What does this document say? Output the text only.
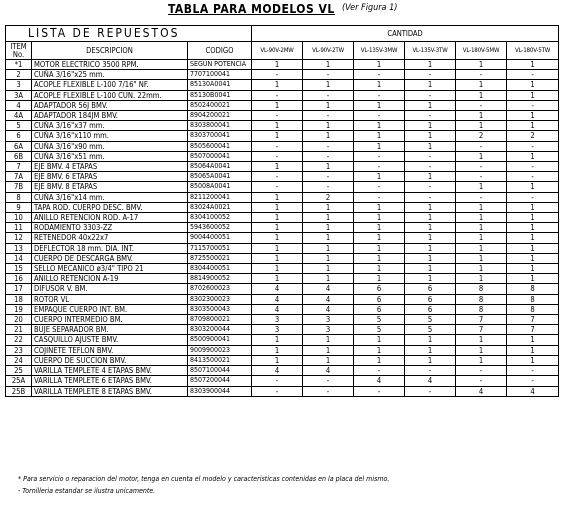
TABLA PARA MODELOS VL (Ver Figura 1)
LISTA DE REPUESTOS			CANTIDAD					
ITEM
No.	DESCRIPCION	CODIGO	VL-90V-2MW	VL-90V-2TW	VL-135V-3MW	VL-135V-3TW	VL-180V-5MW	VL-180V-5TW
*1	MOTOR ELECTRICO 3500 RPM.	SEGUN POTENCIA	1	1	1	1	1	1
2	CUÑA 3/16"x25 mm.	7707100041	-	-	-	-	-	-
3	ACOPLE FLEXIBLE L-100 7/16" NF.	85130A0041	1	1	1	1	1	1
3A	ACOPLE FLEXIBLE L-100 CUN. 22mm.	85130B0041	-	-	-	-	1	1
4	ADAPTADOR 56J BMV.	8502400021	1	1	1	1	-	-
4A	ADAPTADOR 184JM BMV.	8904200021	-	-	-	-	1	1
5	CUÑA 3/16"x37 mm.	8303800041	1	1	1	1	1	1
6	CUÑA 3/16"x110 mm.	8303700041	1	1	1	1	2	2
6A	CUÑA 3/16"x90 mm.	8505600041	-	-	1	1	-	-
6B	CUÑA 3/16"x51 mm.	8507000041	-	-	-	-	1	1
7	EJE BMV. 4 ETAPAS	85064A0041	1	1	-	-	-	-
7A	EJE BMV. 6 ETAPAS	85065A0041	-	-	1	1	-	-
7B	EJE BMV. 8 ETAPAS	85008A0041	-	-	-	-	1	1
8	CUÑA 3/16"x14 mm.	8211200041	1	2	-	-	-	-
9	TAPA ROD. CUERPO DESC. BMV.	83024A0021	1	1	1	1	1	1
10	ANILLO RETENCION ROD. A-17	8304100052	1	1	1	1	1	1
11	RODAMIENTO 3303-ZZ	5943600052	1	1	1	1	1	1
12	RETENEDOR 40x22x7	9004400051	1	1	1	1	1	1
13	DEFLECTOR 18 mm. DIA. INT.	7115700051	1	1	1	1	1	1
14	CUERPO DE DESCARGA BMV.	8725500021	1	1	1	1	1	1
15	SELLO MECANICO ø3/4" TIPO 21	8304400051	1	1	1	1	1	1
16	ANILLO RETENCION A-19	8814900052	1	1	1	1	1	1
17	DIFUSOR V. BM.	8702600023	4	4	6	6	8	8
18	ROTOR VL	8302300023	4	4	6	6	8	8
19	EMPAQUE CUERPO INT. BM.	8303500043	4	4	6	6	8	8
20	CUERPO INTERMEDIO BM.	8709800021	3	3	5	5	7	7
21	BUJE SEPARADOR BM.	8303200044	3	3	5	5	7	7
22	CASQUILLO AJUSTE BMV.	8500900041	1	1	1	1	1	1
23	COJINETE TEFLON BMV.	9009900023	1	1	1	1	1	1
24	CUERPO DE SUCCION BMV.	8413500021	1	1	1	1	1	1
25	VARILLA TEMPLETE 4 ETAPAS BMV.	8507100044	4	4	-	-	-	-
25A	VARILLA TEMPLETE 6 ETAPAS BMV.	8507200044	-	-	4	4	-	-
25B	VARILLA TEMPLETE 8 ETAPAS BMV.	8303900044	-	-	-	-	4	4
* Para servicio o reparacion del motor, tenga en cuenta el modelo y caracteristicas contenidas en la placa del mismo.
- Tornilleria estandar se ilustra unicamente.
